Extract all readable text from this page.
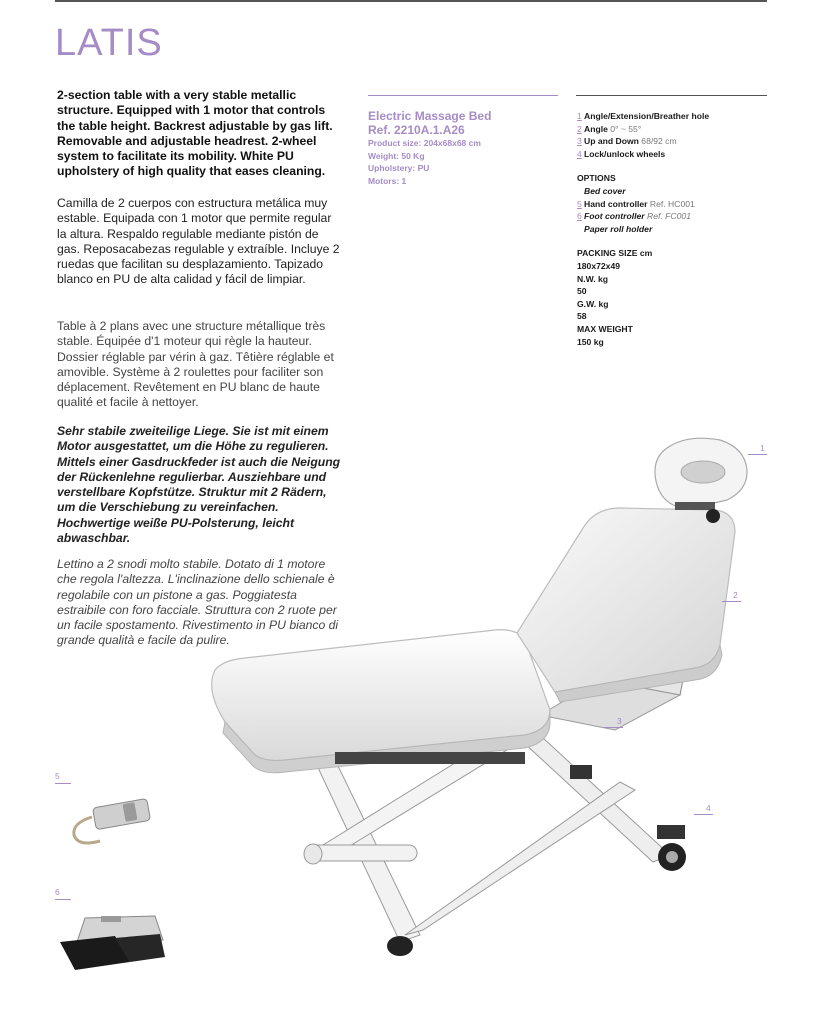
LATIS

2-section table with a very stable metallic structure. Equipped with 1 motor that controls the table height. Backrest adjustable by gas lift. Removable and adjustable headrest. 2-wheel system to facilitate its mobility. White PU upholstery of high quality that eases cleaning.

Camilla de 2 cuerpos con estructura metálica muy estable. Equipada con 1 motor que permite regular la altura. Respaldo regulable mediante pistón de gas. Reposacabezas regulable y extraíble. Incluye 2 ruedas que facilitan su desplazamiento. Tapizado blanco en PU de alta calidad y fácil de limpiar.

Table à 2 plans avec une structure métallique très stable. Équipée d'1 moteur qui règle la hauteur. Dossier réglable par vérin à gaz. Têtière réglable et amovible. Système à 2 roulettes pour faciliter son déplacement. Revêtement en PU blanc de haute qualité et facile à nettoyer.

Sehr stabile zweiteilige Liege. Sie ist mit einem Motor ausgestattet, um die Höhe zu regulieren. Mittels einer Gasdruckfeder ist auch die Neigung der Rückenlehne regulierbar. Ausziehbare und verstellbare Kopfstütze. Struktur mit 2 Rädern, um die Verschiebung zu vereinfachen. Hochwertige weiße PU-Polsterung, leicht abwaschbar.

Lettino a 2 snodi molto stabile. Dotato di 1 motore che regola l'altezza. L'inclinazione dello schienale è regolabile con un pistone a gas. Poggiatesta estraibile con foro facciale. Struttura con 2 ruote per un facile spostamento. Rivestimento in PU bianco di grande qualità e facile da pulire.

Electric Massage Bed
Ref. 2210A.1.A26
Product size: 204x68x68 cm
Weight: 50 Kg
Upholstery: PU
Motors: 1
1 Angle/Extension/Breather hole
2 Angle 0° ~ 55°
3 Up and Down 68/92 cm
4 Lock/unlock wheels
OPTIONS
Bed cover
5 Hand controller Ref. HC001
6 Foot controller Ref. FC001
Paper roll holder
PACKING SIZE cm
180x72x49
N.W. kg
50
G.W. kg
58
MAX WEIGHT
150 kg
1
2
3
4
5
6
